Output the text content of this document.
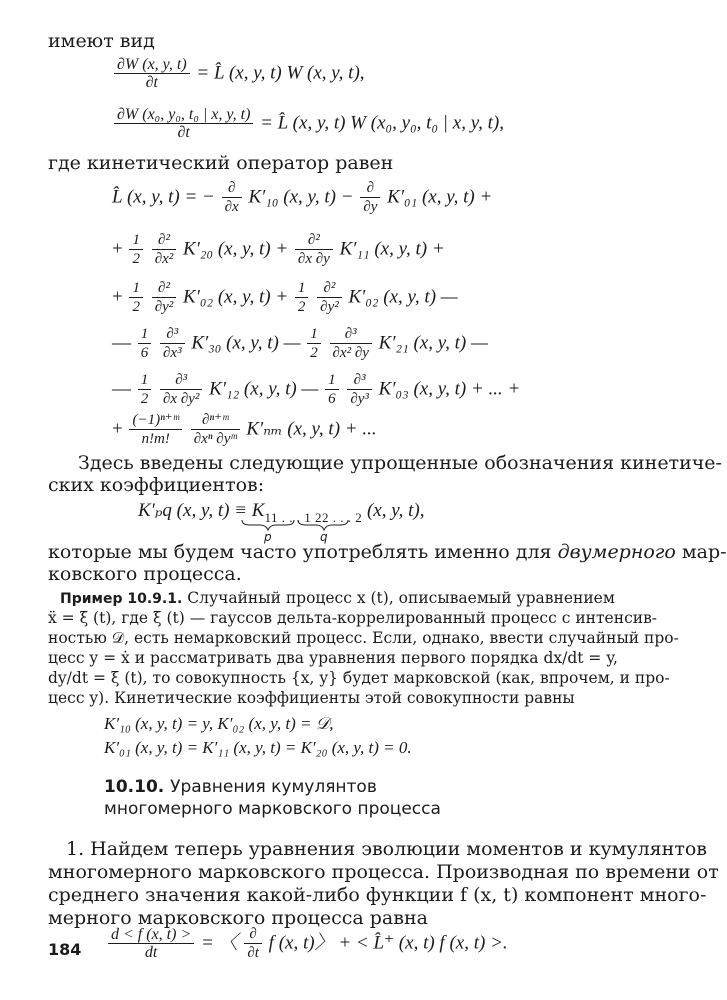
имеют вид
$\frac{\partial W (x, y, t)}{\partial t}$ = L̂ (x, y, t) W (x, y, t),
$\frac{\text{∂W (x₀, y₀, t₀ | x, y, t)}}{\partial t}$ = L̂ (x, y, t) W (x₀, y₀, t₀ | x, y, t),
где кинетический оператор равен
L̂ (x, y, t) = − $\frac{\partial}{\partial x} K'_{10}$ (x, y, $t) - \frac{\partial}{\partial y} K'_{01}$ (x, y, t) +
+ $\frac{1}{2}$
$\frac{\text{∂²}}{\text{∂x²}} K'_{20}$ (x, y, $t) + \frac{\text{∂²}}{\partial x \partial y} K'_{11}$ (x, y, t) +
+ $\frac{1}{2}$
$\frac{\text{∂²}}{\text{∂y²}} K'_{02}$ (x, y, $t) + \frac{1}{2}$
$\frac{\text{∂²}}{\text{∂y²}} K'_{02}$ (x, y, t) —
— $\frac{1}{6}$
$\frac{\text{∂³}}{\text{∂x³}} K'_{30}$ (x, y, t) — $\frac{1}{2}$
$\frac{\text{∂³}}{\text{∂x² ∂y}} K'_{21}$ (x, y, t) —
— $\frac{1}{2}$
$\frac{\text{∂³}}{\text{∂x ∂y²}} K'_{12}$ (x, y, t) — $\frac{1}{6}$
$\frac{\text{∂³}}{\text{∂y³}} K'_{03}$ (x, y, t) + ... +
+ $\frac{\text{(−1)ⁿ⁺ᵐ}}{n!m!}$
$\frac{\text{∂ⁿ⁺ᵐ}}{\text{∂xⁿ ∂yᵐ}} K'_{nm}$ (x, y, t) + ...
Здесь введены следующие упрощенные обозначения кинетиче-
ских коэффициентов:
K′ₚq (x, y, $t) \equiv K_{11 . . . 1 22 . . . 2}$ (x, y, t),
p	q
которые мы будем часто употреблять именно для двумерного мар-
ковского процесса.
Пример 10.9.1. Случайный процесс x (t), описываемый уравнением
ẍ = ξ (t), где ξ (t) — гауссов дельта-коррелированный процесс с интенсив-
ностью 𝒟, есть немарковский процесс. Если, однако, ввести случайный про-
цесс y = ẋ и рассматривать два уравнения первого порядка dx/dt = y,
dy/dt = ξ (t), то совокупность {x, y} будет марковской (как, впрочем, и про-
цесс y). Кинетические коэффициенты этой совокупности равны
K′₁₀ (x, y, t) = y, K′₀₂ (x, y, t) = 𝒟,
K′₀₁ (x, y, t) = K′₁₁ (x, y, t) = K′₂₀ (x, y, t) = 0.
10.10. Уравнения кумулянтов
многомерного марковского процесса
1. Найдем теперь уравнения эволюции моментов и кумулянтов
многомерного марковского процесса. Производная по времени от
среднего значения какой-либо функции f (x, t) компонент много-
мерного марковского процесса равна
$\frac{d < f (x, t) >}{dt}$ = 〈 $\frac{\partial}{\partial t}$ f (x, t)〉 + < L̂⁺ (x, t) f (x, t) >.
184
